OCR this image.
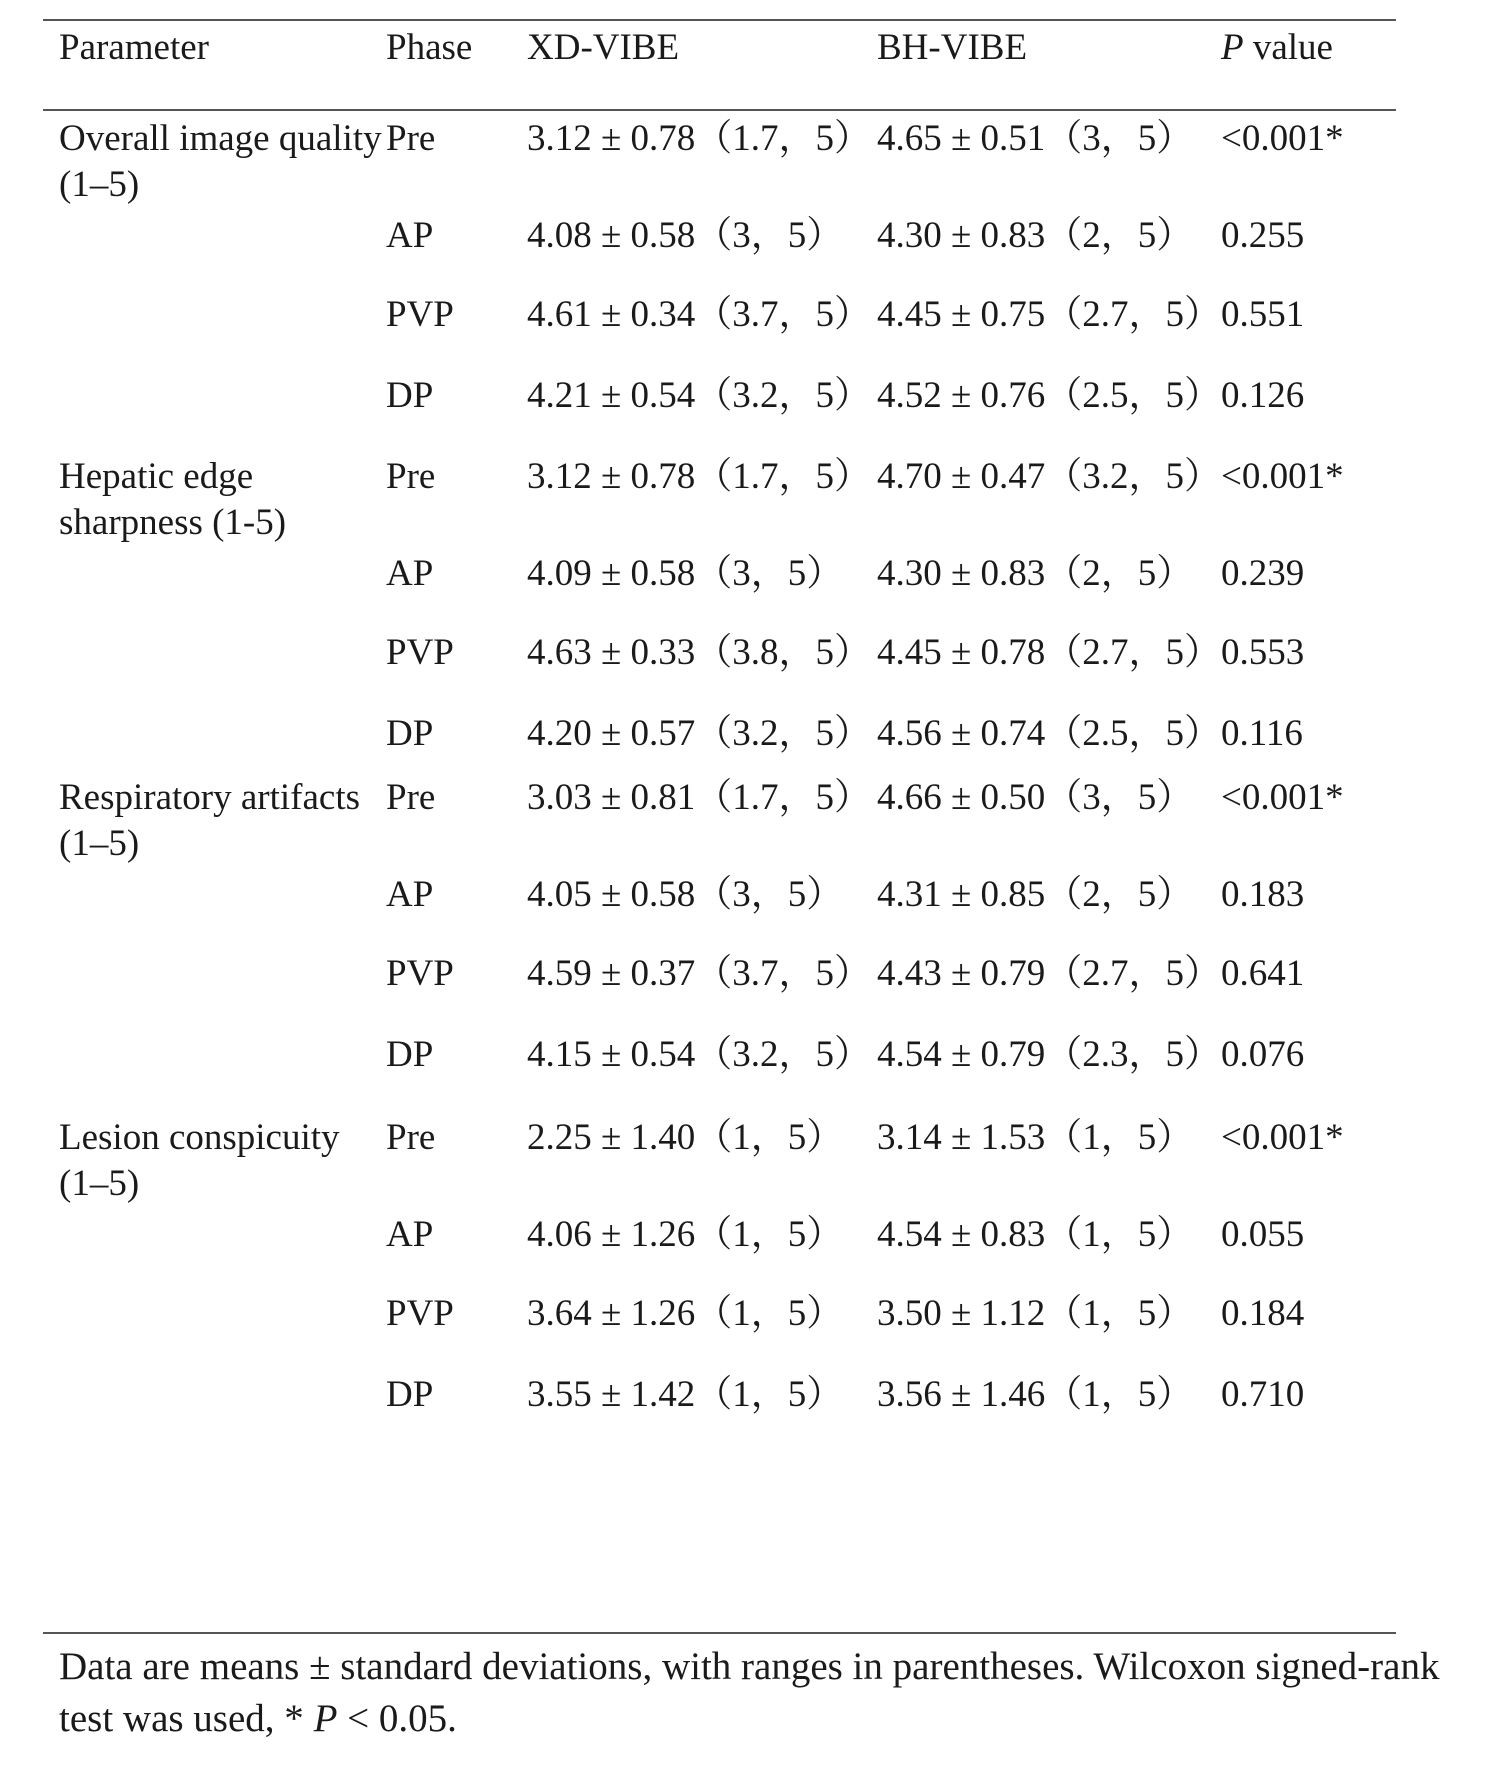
Parameter	Phase XD-VIBE	BH-VIBE	P value
Overall image quality (1–5)
Pre 3.12 ± 0.78（1.7，5） 4.65 ± 0.51（3，5） <0.001*
AP	4.08 ± 0.58（3，5） 4.30 ± 0.83（2，5） 0.255
PVP 4.61 ± 0.34（3.7，5） 4.45 ± 0.75（2.7，5） 0.551
DP	4.21 ± 0.54（3.2，5） 4.52 ± 0.76（2.5，5） 0.126
Hepatic edge sharpness (1-5)
Pre 3.12 ± 0.78（1.7，5） 4.70 ± 0.47（3.2，5） <0.001*
AP	4.09 ± 0.58（3，5） 4.30 ± 0.83（2，5） 0.239
PVP 4.63 ± 0.33（3.8，5） 4.45 ± 0.78（2.7，5） 0.553
DP	4.20 ± 0.57（3.2，5） 4.56 ± 0.74（2.5，5） 0.116
Respiratory artifacts (1–5)
Pre 3.03 ± 0.81（1.7，5） 4.66 ± 0.50（3，5） <0.001*
AP	4.05 ± 0.58（3，5） 4.31 ± 0.85（2，5） 0.183
PVP 4.59 ± 0.37（3.7，5） 4.43 ± 0.79（2.7，5） 0.641
DP	4.15 ± 0.54（3.2，5） 4.54 ± 0.79（2.3，5） 0.076
Lesion conspicuity (1–5)
Pre 2.25 ± 1.40（1，5） 3.14 ± 1.53（1，5） <0.001*
AP	4.06 ± 1.26（1，5） 4.54 ± 0.83（1，5） 0.055
PVP 3.64 ± 1.26（1，5） 3.50 ± 1.12（1，5） 0.184
DP	3.55 ± 1.42（1，5） 3.56 ± 1.46（1，5） 0.710
Data are means ± standard deviations, with ranges in parentheses. Wilcoxon signed-rank test was used, * P < 0.05.
